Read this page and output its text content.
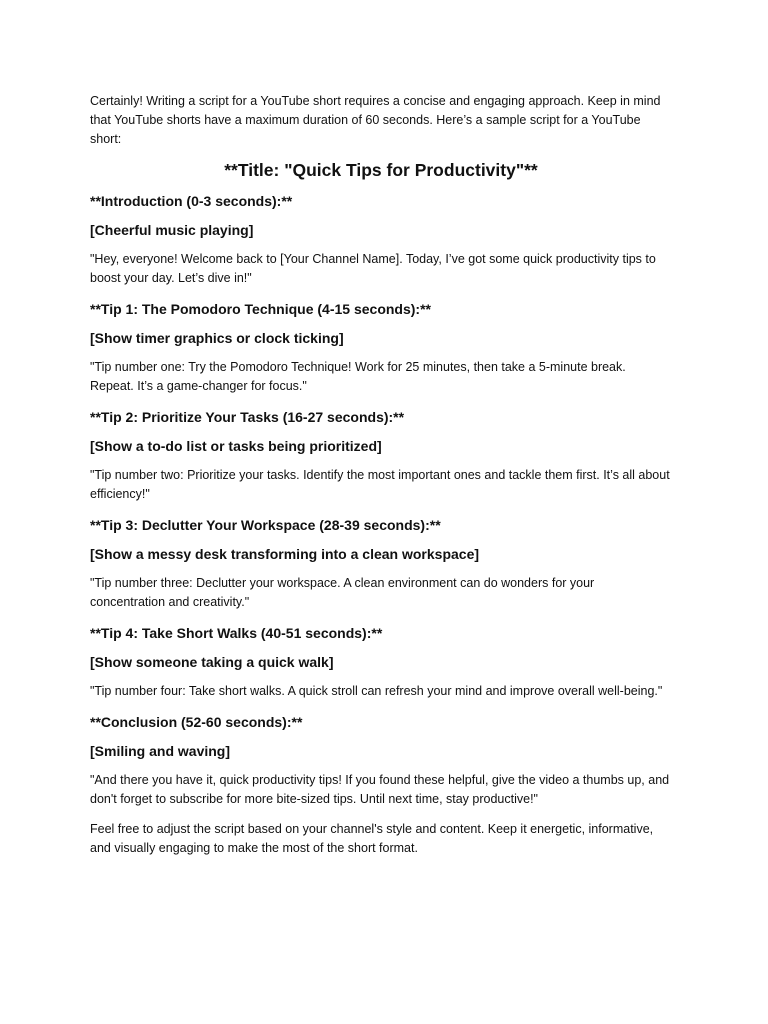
Certainly! Writing a script for a YouTube short requires a concise and engaging approach. Keep in mind that YouTube shorts have a maximum duration of 60 seconds. Here’s a sample script for a YouTube short:

**Title: "Quick Tips for Productivity"**
**Introduction (0-3 seconds):**
[Cheerful music playing]

"Hey, everyone! Welcome back to [Your Channel Name]. Today, I’ve got some quick productivity tips to boost your day. Let’s dive in!"

**Tip 1: The Pomodoro Technique (4-15 seconds):**
[Show timer graphics or clock ticking]

"Tip number one: Try the Pomodoro Technique! Work for 25 minutes, then take a 5-minute break. Repeat. It’s a game-changer for focus."

**Tip 2: Prioritize Your Tasks (16-27 seconds):**
[Show a to-do list or tasks being prioritized]

"Tip number two: Prioritize your tasks. Identify the most important ones and tackle them first. It’s all about efficiency!"

**Tip 3: Declutter Your Workspace (28-39 seconds):**
[Show a messy desk transforming into a clean workspace]

"Tip number three: Declutter your workspace. A clean environment can do wonders for your concentration and creativity."

**Tip 4: Take Short Walks (40-51 seconds):**
[Show someone taking a quick walk]

"Tip number four: Take short walks. A quick stroll can refresh your mind and improve overall well-being."

**Conclusion (52-60 seconds):**
[Smiling and waving]

"And there you have it, quick productivity tips! If you found these helpful, give the video a thumbs up, and don't forget to subscribe for more bite-sized tips. Until next time, stay productive!"

Feel free to adjust the script based on your channel's style and content. Keep it energetic, informative, and visually engaging to make the most of the short format.
